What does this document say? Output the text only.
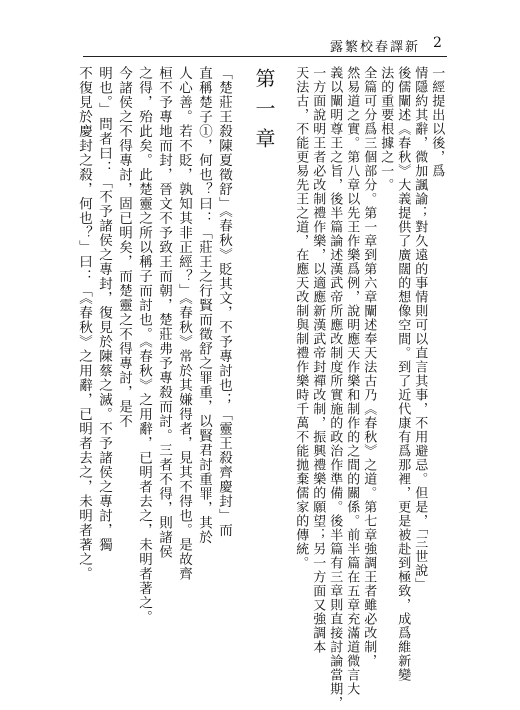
露繁校春譯新 2
一經提出以後，爲
情隱約其辭，微加諷諭；對久遠的事情則可以直言其事，不用避忌。但是，「三世說」
後儒闡述《春秋》大義提供了廣闊的想像空間。到了近代康有爲那裡，更是被赴到極致，成爲維新變
法的重要根據之一。
全篇可分爲三個部分。第一章到第六章闡述奉天法古乃《春秋》之道。第七章強調王者雖必改制，
然易道之實。第八章以先王作樂爲例，說明應天作樂和制作的之間的關係。前半篇在五章充滿道微言大
義以闡明尊王之旨，後半篇論述漢武帝所應改制度所實施的政治作準備。後半篇有三章則直接討論當期，
一方面說明王者必改制禮作樂，以適應新漢武帝封禪改制，振興禮樂的願望；另一方面又強調本
天法古，不能更易先王之道，在應天改制與制禮作樂時千萬不能拋棄儒家的傳統。
第一章
「楚莊王殺陳夏徵舒」《春秋》貶其文，不予專討也；「靈王殺齊慶封」而
直稱楚子①，何也？曰：「莊王之行賢而徵舒之罪重，以賢君討重罪，其於
人心善。若不貶，孰知其非正經？」《春秋》常於其嫌得者，見其不得也。是故齊
桓不予專地而封，晉文不予致王而朝，楚莊弗予專殺而討。三者不得，則諸侯
之得，殆此矣。此楚靈之所以稱子而討也。《春秋》之用辭，已明者去之，未明者著之。
今諸侯之不得專討，固已明矣，而楚靈之不得專討，是不
明也。」問者曰：「不予諸侯之專封，復見於陳蔡之滅。不予諸侯之專討，獨
不復見於慶封之殺，何也？」曰：「《春秋》之用辭，已明者去之，未明者著之。
